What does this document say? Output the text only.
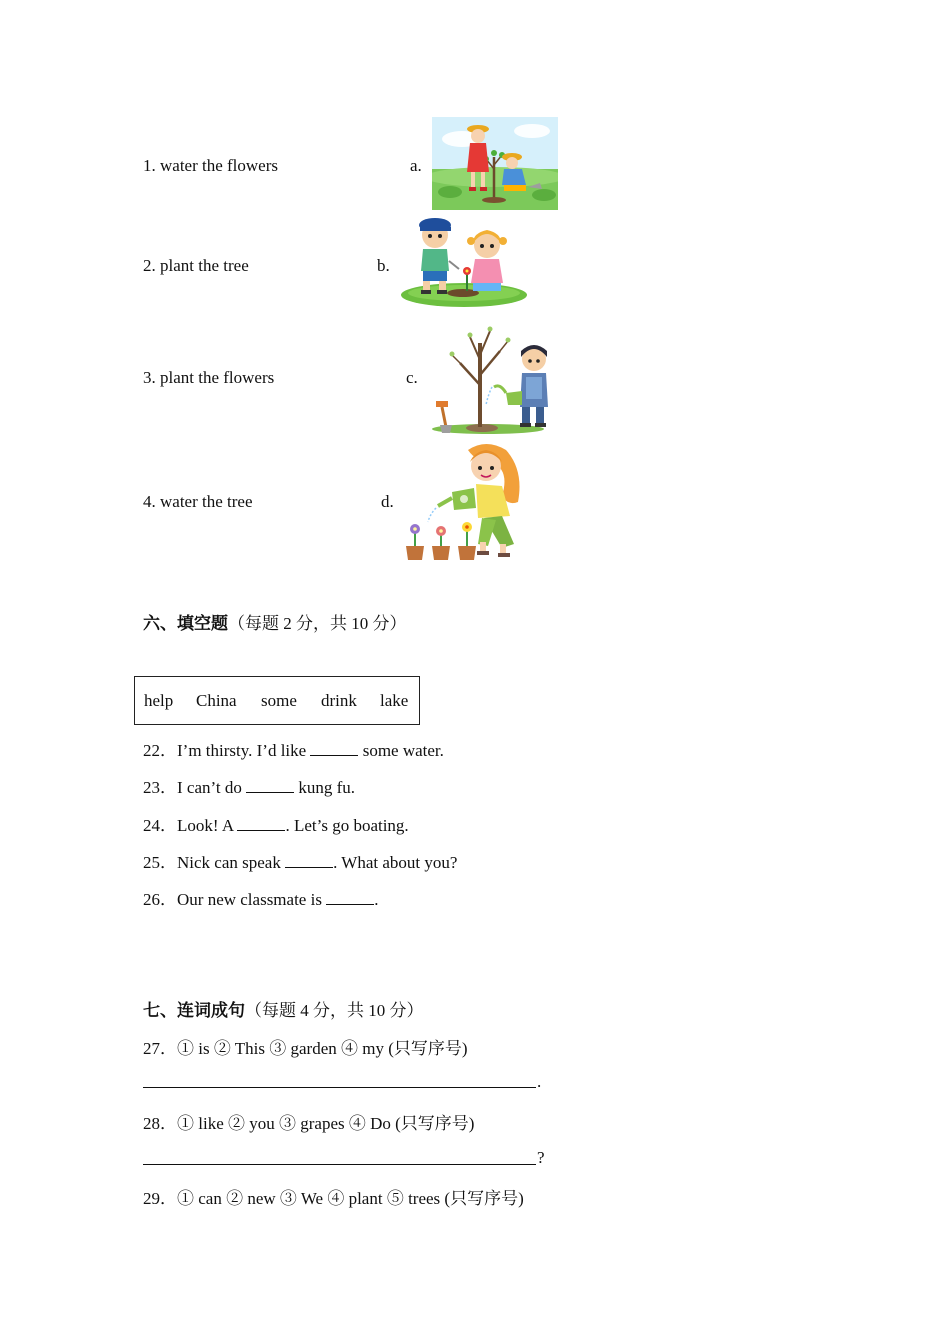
1. water the flowers	a.
2. plant the tree	b.
3. plant the flowers	c.
4. water the tree	d.
六、填空题（每题 2 分，共 10 分）
help China some drink lake
22．I’m thirsty. I’d like	some water.
23．I can’t do	kung fu.
24．Look! A	. Let’s go boating.
25．Nick can speak	. What about you?
26．Our new classmate is	.
七、连词成句（每题 4 分，共 10 分）
27．① is ② This ③ garden ④ my (只写序号)
.
28．① like ② you ③ grapes ④ Do (只写序号)
?
29．① can ② new ③ We ④ plant ⑤ trees (只写序号)
